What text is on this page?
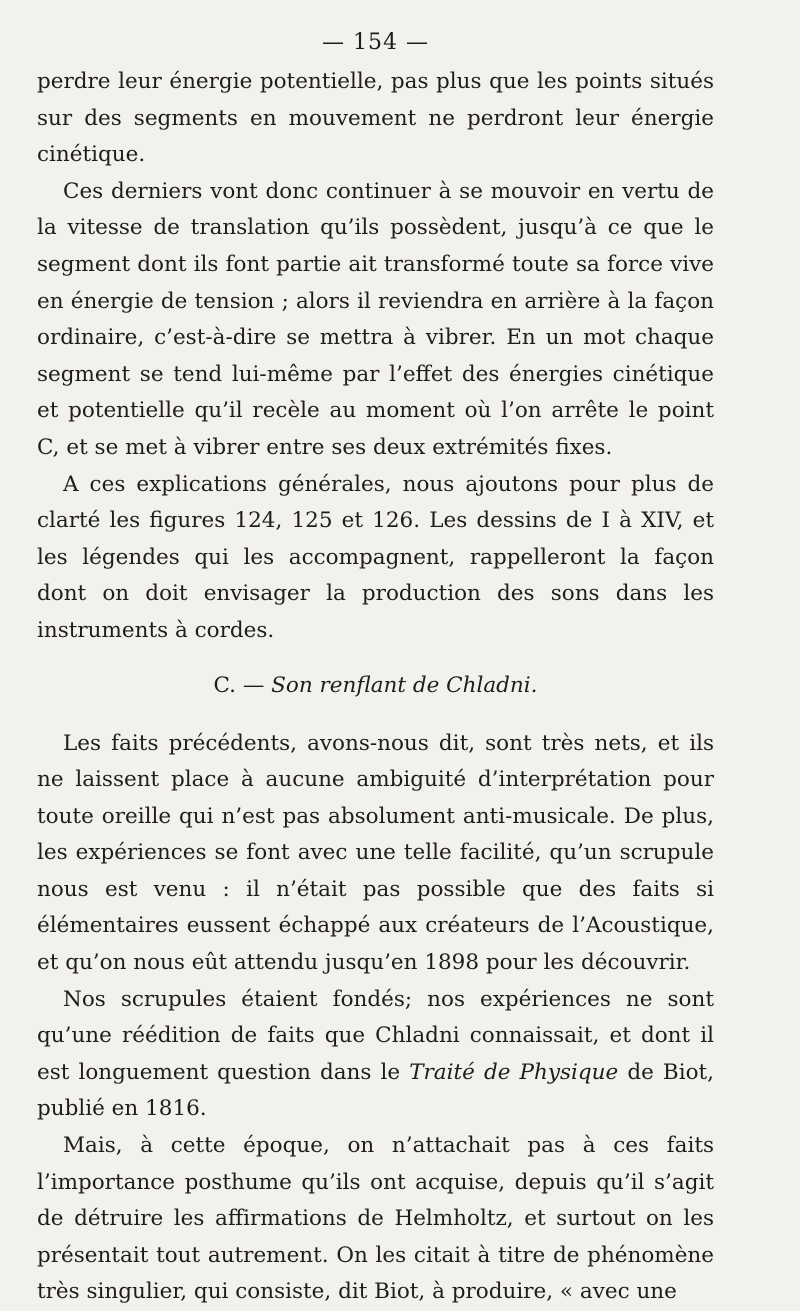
— 154 —

perdre leur énergie potentielle, pas plus que les points situés sur des segments en mouvement ne perdront leur énergie cinétique.

Ces derniers vont donc continuer à se mouvoir en vertu de la vitesse de translation qu’ils possèdent, jusqu’à ce que le segment dont ils font partie ait transformé toute sa force vive en énergie de tension ; alors il reviendra en arrière à la façon ordinaire, c’est-à-dire se mettra à vibrer. En un mot chaque segment se tend lui-même par l’effet des énergies cinétique et potentielle qu’il recèle au moment où l’on arrête le point C, et se met à vibrer entre ses deux extrémités fixes.

A ces explications générales, nous ajoutons pour plus de clarté les figures 124, 125 et 126. Les dessins de I à XIV, et les légendes qui les accompagnent, rappelleront la façon dont on doit envisager la production des sons dans les instruments à cordes.

C. — Son renflant de Chladni.

Les faits précédents, avons-nous dit, sont très nets, et ils ne laissent place à aucune ambiguité d’interprétation pour toute oreille qui n’est pas absolument anti-musicale. De plus, les expériences se font avec une telle facilité, qu’un scrupule nous est venu : il n’était pas possible que des faits si élémentaires eussent échappé aux créateurs de l’Acoustique, et qu’on nous eût attendu jusqu’en 1898 pour les découvrir.

Nos scrupules étaient fondés; nos expériences ne sont qu’une réédition de faits que Chladni connaissait, et dont il est longuement question dans le Traité de Physique de Biot, publié en 1816.

Mais, à cette époque, on n’attachait pas à ces faits l’importance posthume qu’ils ont acquise, depuis qu’il s’agit de détruire les affirmations de Helmholtz, et surtout on les présentait tout autrement. On les citait à titre de phénomène très singulier, qui consiste, dit Biot, à produire, « avec une
